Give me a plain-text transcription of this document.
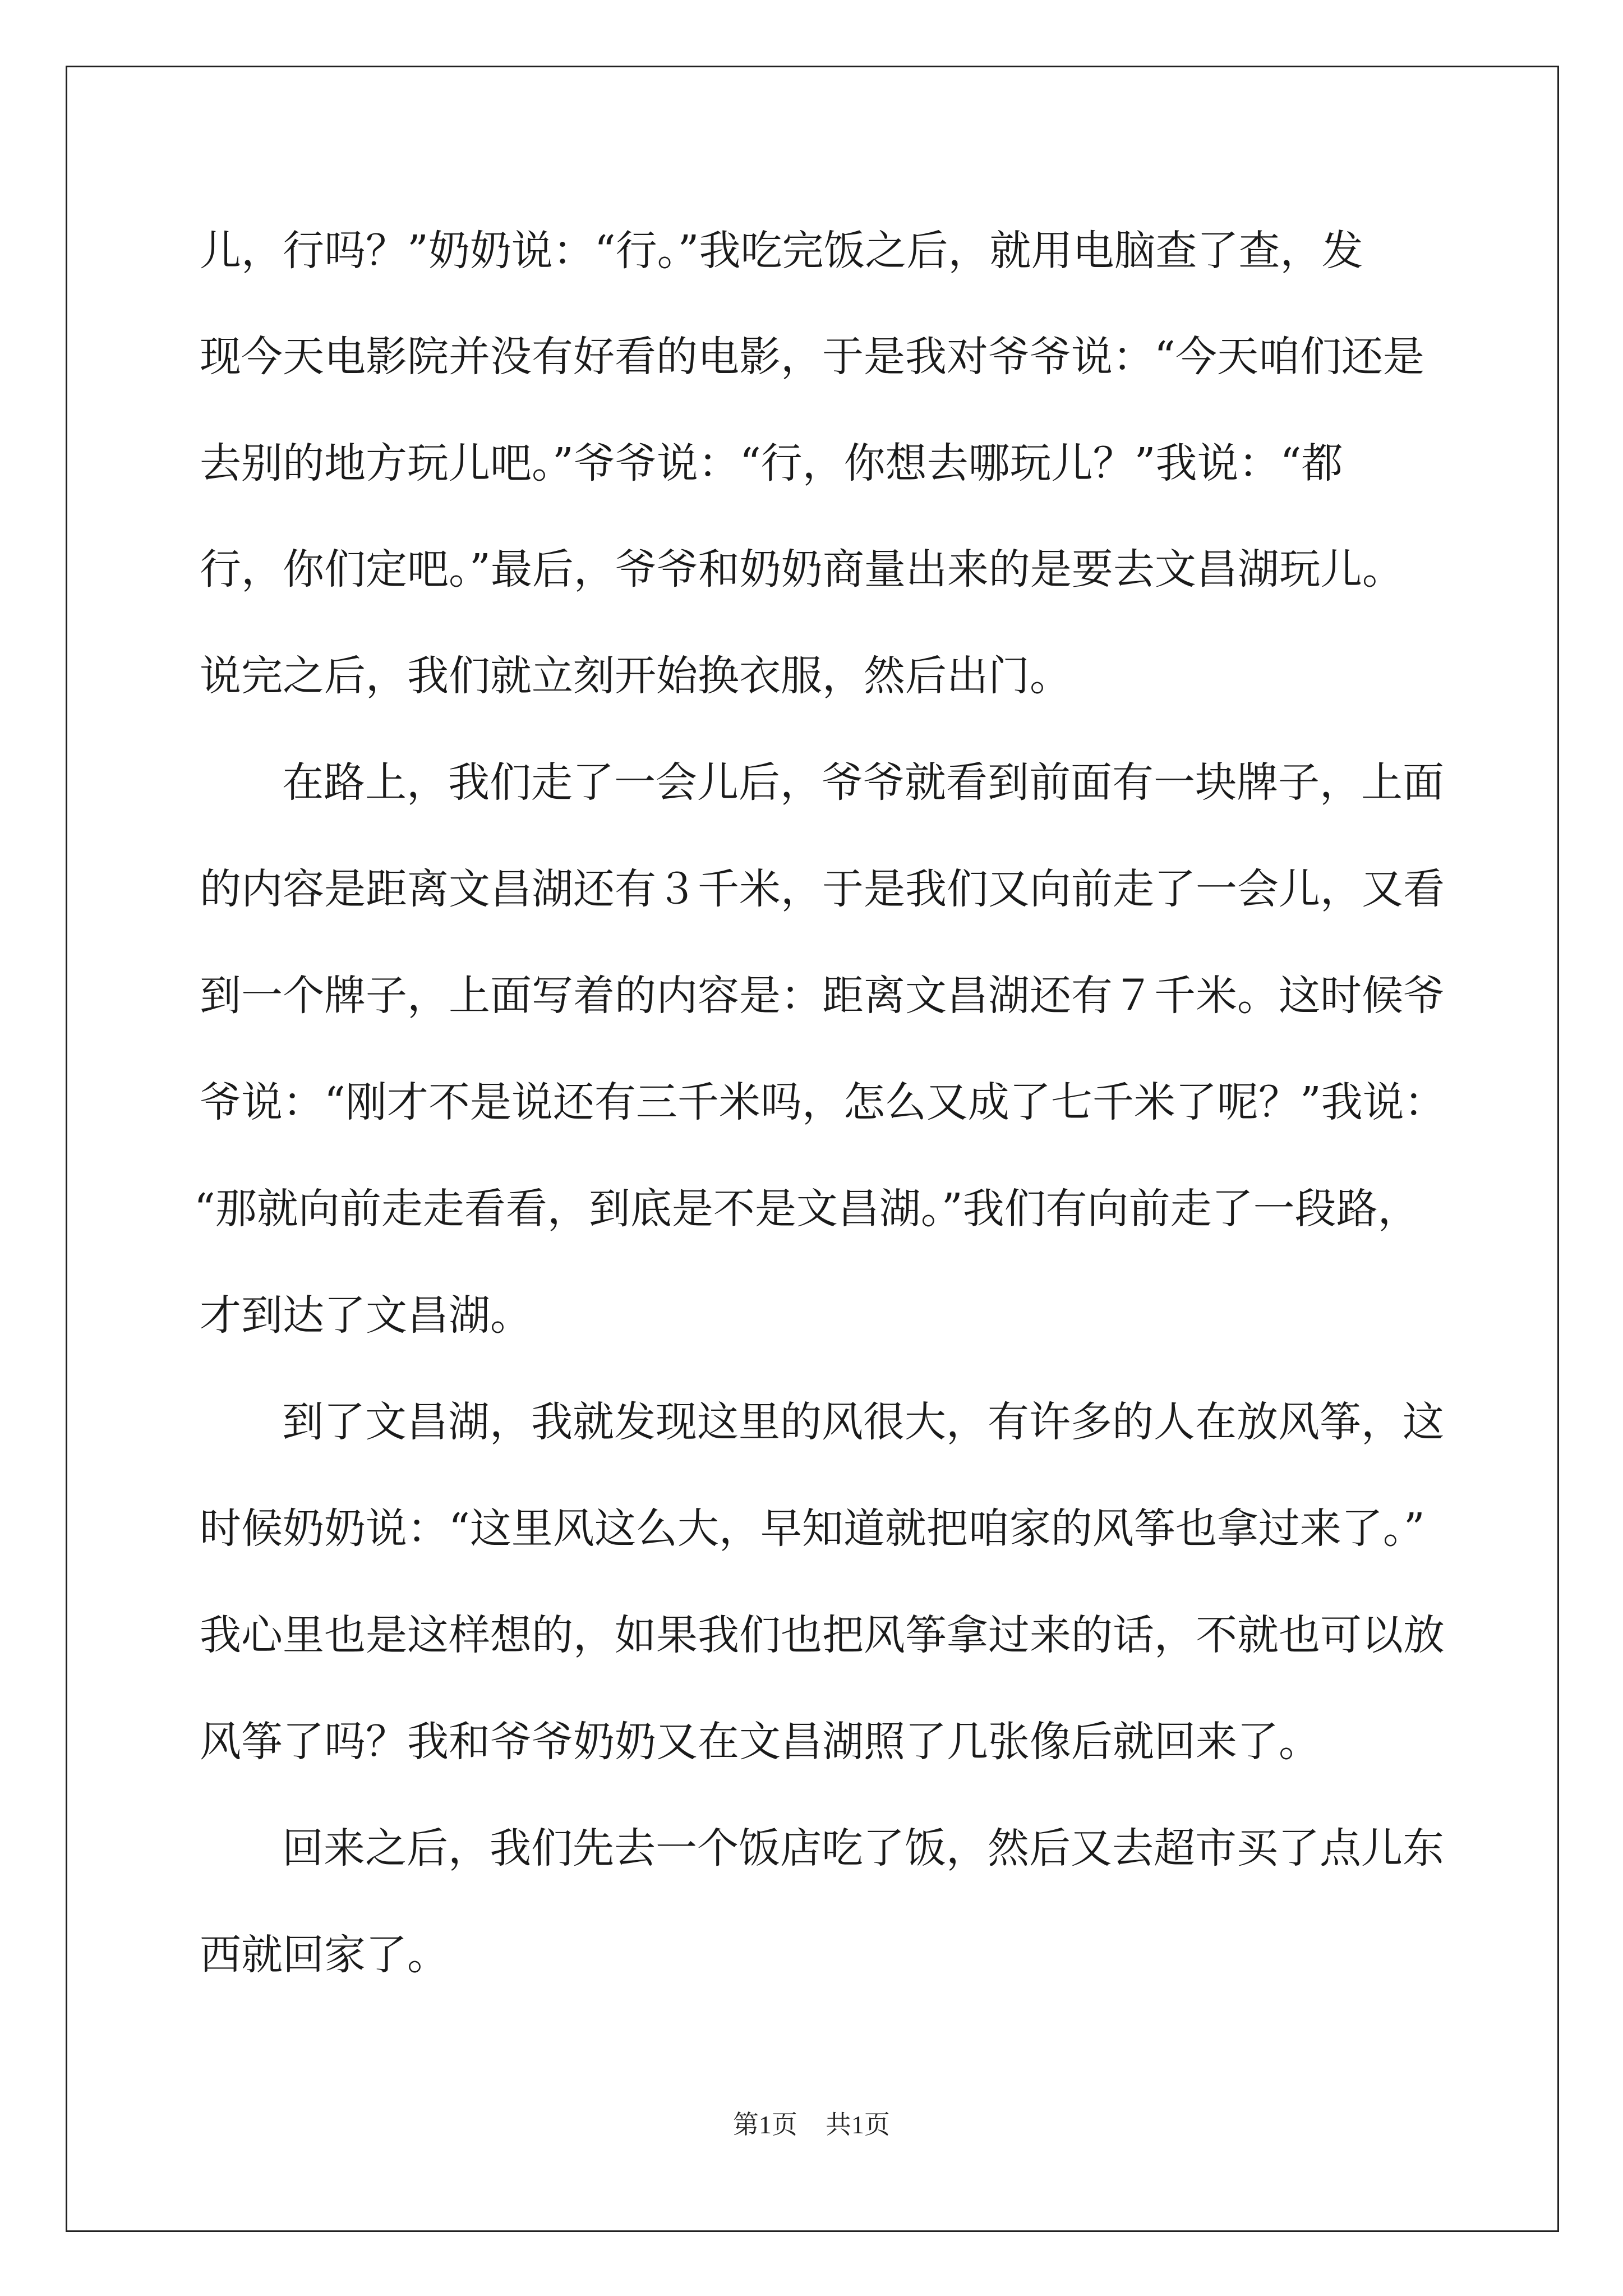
儿，行吗？”奶奶说：“行。”我吃完饭之后，就用电脑查了查，发
现今天电影院并没有好看的电影，于是我对爷爷说：“今天咱们还是
去别的地方玩儿吧。”爷爷说：“行，你想去哪玩儿？”我说：“都
行，你们定吧。”最后，爷爷和奶奶商量出来的是要去文昌湖玩儿。
说完之后，我们就立刻开始换衣服，然后出门。
在路上，我们走了一会儿后，爷爷就看到前面有一块牌子，上面
的内容是距离文昌湖还有３千米，于是我们又向前走了一会儿，又看
到一个牌子，上面写着的内容是：距离文昌湖还有７千米。这时候爷
爷说：“刚才不是说还有三千米吗，怎么又成了七千米了呢？”我说：
“那就向前走走看看，到底是不是文昌湖。”我们有向前走了一段路，
才到达了文昌湖。
到了文昌湖，我就发现这里的风很大，有许多的人在放风筝，这
时候奶奶说：“这里风这么大，早知道就把咱家的风筝也拿过来了。”
我心里也是这样想的，如果我们也把风筝拿过来的话，不就也可以放
风筝了吗？我和爷爷奶奶又在文昌湖照了几张像后就回来了。
回来之后，我们先去一个饭店吃了饭，然后又去超市买了点儿东
西就回家了。
第1页 共1页
